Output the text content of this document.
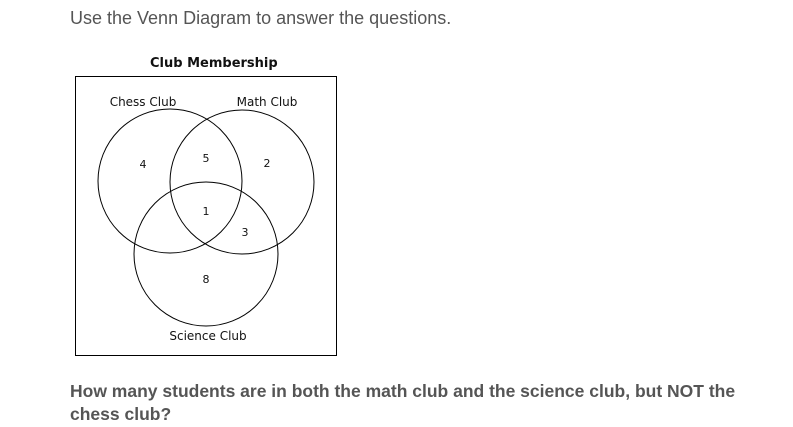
Use the Venn Diagram to answer the questions.
Club Membership
Chess Club	Math Club
Science Club
4	5	2
1
3
8
How many students are in both the math club and the science club, but NOT the chess club?
